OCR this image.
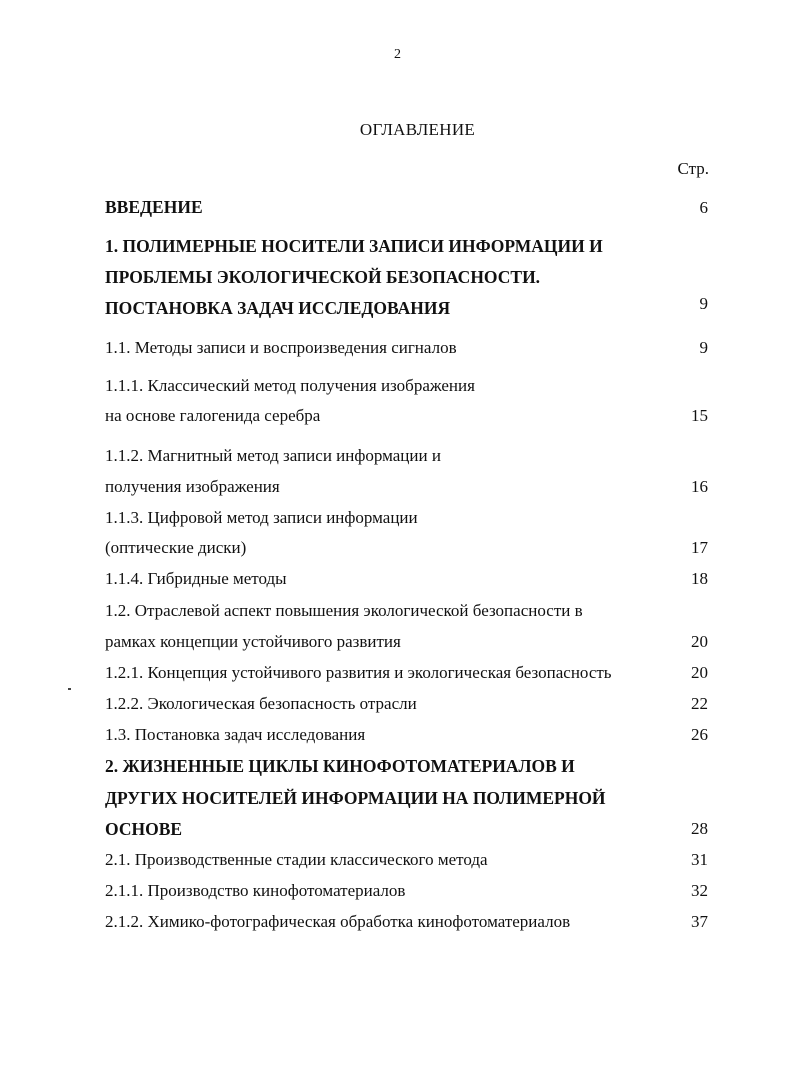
2
ОГЛАВЛЕНИЕ
Стр.
ВВЕДЕНИЕ	6
1. ПОЛИМЕРНЫЕ НОСИТЕЛИ ЗАПИСИ ИНФОРМАЦИИ И
ПРОБЛЕМЫ ЭКОЛОГИЧЕСКОЙ БЕЗОПАСНОСТИ.
ПОСТАНОВКА ЗАДАЧ ИССЛЕДОВАНИЯ	9
1.1. Методы записи и воспроизведения сигналов	9
1.1.1. Классический метод получения изображения
на основе галогенида серебра	15
1.1.2. Магнитный метод записи информации и
получения изображения	16
1.1.3. Цифровой метод записи информации
(оптические диски)	17
1.1.4. Гибридные методы	18
1.2. Отраслевой аспект повышения экологической безопасности в
рамках концепции устойчивого развития	20
1.2.1. Концепция устойчивого развития и экологическая безопасность	20
1.2.2. Экологическая безопасность отрасли	22
1.3. Постановка задач исследования	26
2. ЖИЗНЕННЫЕ ЦИКЛЫ КИНОФОТОМАТЕРИАЛОВ И
ДРУГИХ НОСИТЕЛЕЙ ИНФОРМАЦИИ НА ПОЛИМЕРНОЙ
ОСНОВЕ	28
2.1. Производственные стадии классического метода	31
2.1.1. Производство кинофотоматериалов	32
2.1.2. Химико-фотографическая обработка кинофотоматериалов	37
